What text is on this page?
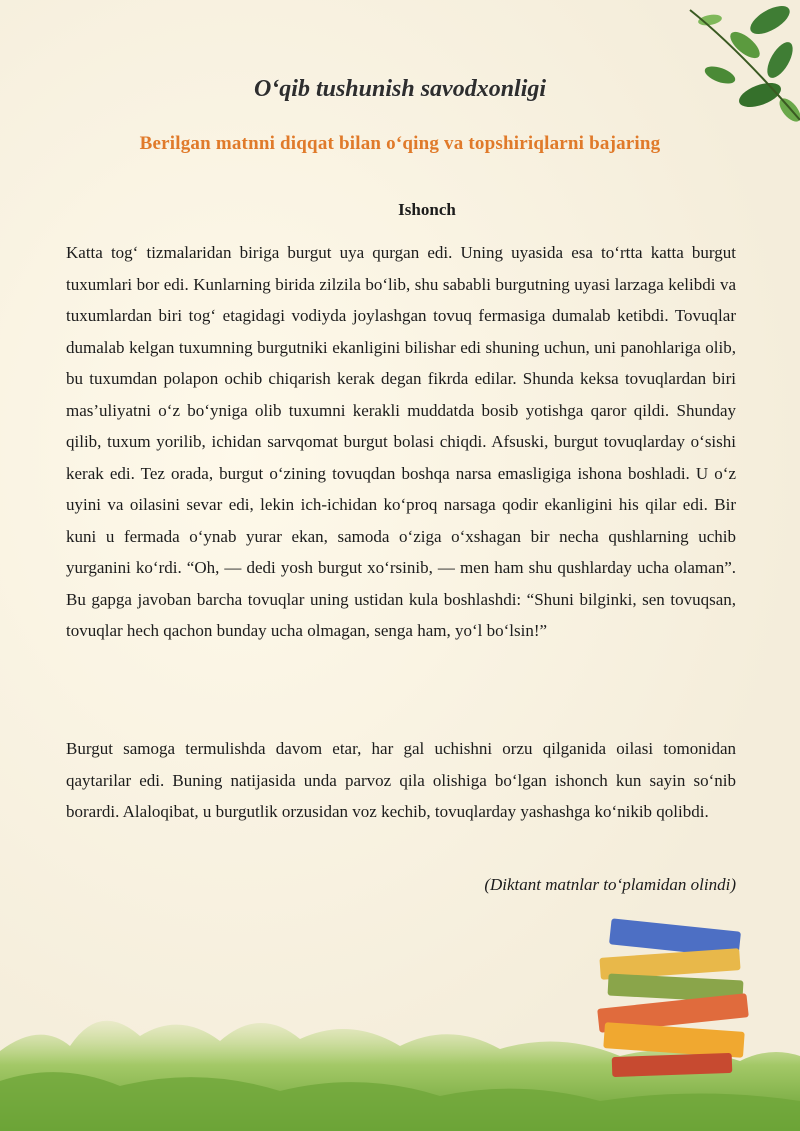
O‘qib tushunish savodxonligi
Berilgan matnni diqqat bilan o‘qing va topshiriqlarni bajaring
Ishonch

Katta tog‘ tizmalaridan biriga burgut uya qurgan edi. Uning uyasida esa to‘rtta katta burgut tuxumlari bor edi. Kunlarning birida zilzila bo‘lib, shu sababli burgutning uyasi larzaga kelibdi va tuxumlardan biri tog‘ etagidagi vodiyda joylashgan tovuq fermasiga dumalab ketibdi. Tovuqlar dumalab kelgan tuxumning burgutniki ekanligini bilishar edi shuning uchun, uni panohlariga olib, bu tuxumdan polapon ochib chiqarish kerak degan fikrda edilar. Shunda keksa tovuqlardan biri mas’uliyatni o‘z bo‘yniga olib tuxumni kerakli muddatda bosib yotishga qaror qildi. Shunday qilib, tuxum yorilib, ichidan sarvqomat burgut bolasi chiqdi. Afsuski, burgut tovuqlarday o‘sishi kerak edi. Tez orada, burgut o‘zining tovuqdan boshqa narsa emasligiga ishona boshladi. U o‘z uyini va oilasini sevar edi, lekin ich-ichidan ko‘proq narsaga qodir ekanligini his qilar edi. Bir kuni u fermada o‘ynab yurar ekan, samoda o‘ziga o‘xshagan bir necha qushlarning uchib yurganini ko‘rdi. “Oh, — dedi yosh burgut xo‘rsinib, — men ham shu qushlarday ucha olaman”. Bu gapga javoban barcha tovuqlar uning ustidan kula boshlashdi: “Shuni bilginki, sen tovuqsan, tovuqlar hech qachon bunday ucha olmagan, senga ham, yo‘l bo‘lsin!”

Burgut samoga termulishda davom etar, har gal uchishni orzu qilganida oilasi tomonidan qaytarilar edi. Buning natijasida unda parvoz qila olishiga bo‘lgan ishonch kun sayin so‘nib borardi. Alaloqibat, u burgutlik orzusidan voz kechib, tovuqlarday yashashga ko‘nikib qolibdi.

(Diktant matnlar to‘plamidan olindi)
